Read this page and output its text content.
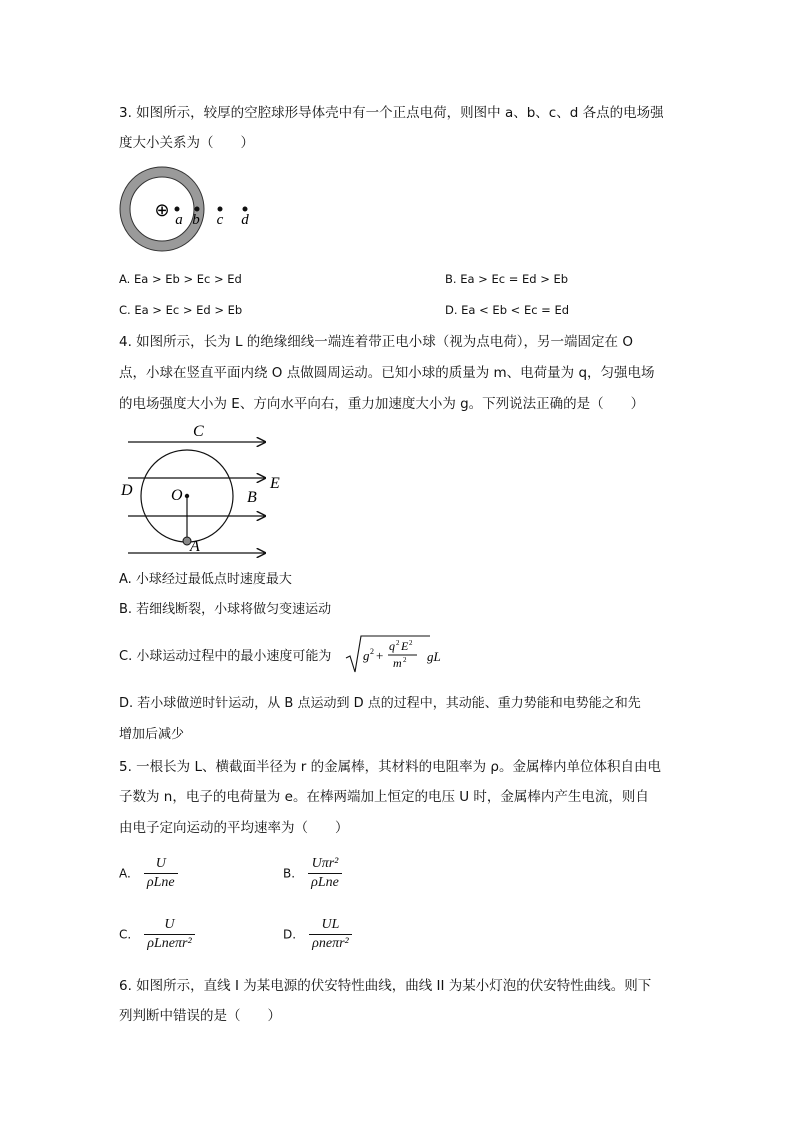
3. 如图所示，较厚的空腔球形导体壳中有一个正点电荷，则图中 a、b、c、d 各点的电场强
度大小关系为（　　）
⊕ a b c d
A. Ea > Eb > Ec > Ed	B. Ea > Ec = Ed > Eb
C. Ea > Ec > Ed > Eb	D. Ea < Eb < Ec = Ed
4. 如图所示，长为 L 的绝缘细线一端连着带正电小球（视为点电荷），另一端固定在 O
点，小球在竖直平面内绕 O 点做圆周运动。已知小球的质量为 m、电荷量为 q，匀强电场
的电场强度大小为 E、方向水平向右，重力加速度大小为 g。下列说法正确的是（　　）
C
D O	B
E
A
A. 小球经过最低点时速度最大
B. 若细线断裂，小球将做匀变速运动
C. 小球运动过程中的最小速度可能为 g 2 +
q 2 E 2
m 2 gL
D. 若小球做逆时针运动，从 B 点运动到 D 点的过程中，其动能、重力势能和电势能之和先
增加后减少
5. 一根长为 L、横截面半径为 r 的金属棒，其材料的电阻率为 ρ。金属棒内单位体积自由电
子数为 n，电子的电荷量为 e。在棒两端加上恒定的电压 U 时，金属棒内产生电流，则自
由电子定向运动的平均速率为（　　）
A. $\frac{U}{\text{ρLne}}$	B. $\frac{\text{Uπr²}}{\text{ρLne}}$
C. $\frac{U}{\text{ρLneπr²}}$	D. $\frac{UL}{\text{ρneπr²}}$
6. 如图所示，直线 I 为某电源的伏安特性曲线，曲线 II 为某小灯泡的伏安特性曲线。则下
列判断中错误的是（　　）
